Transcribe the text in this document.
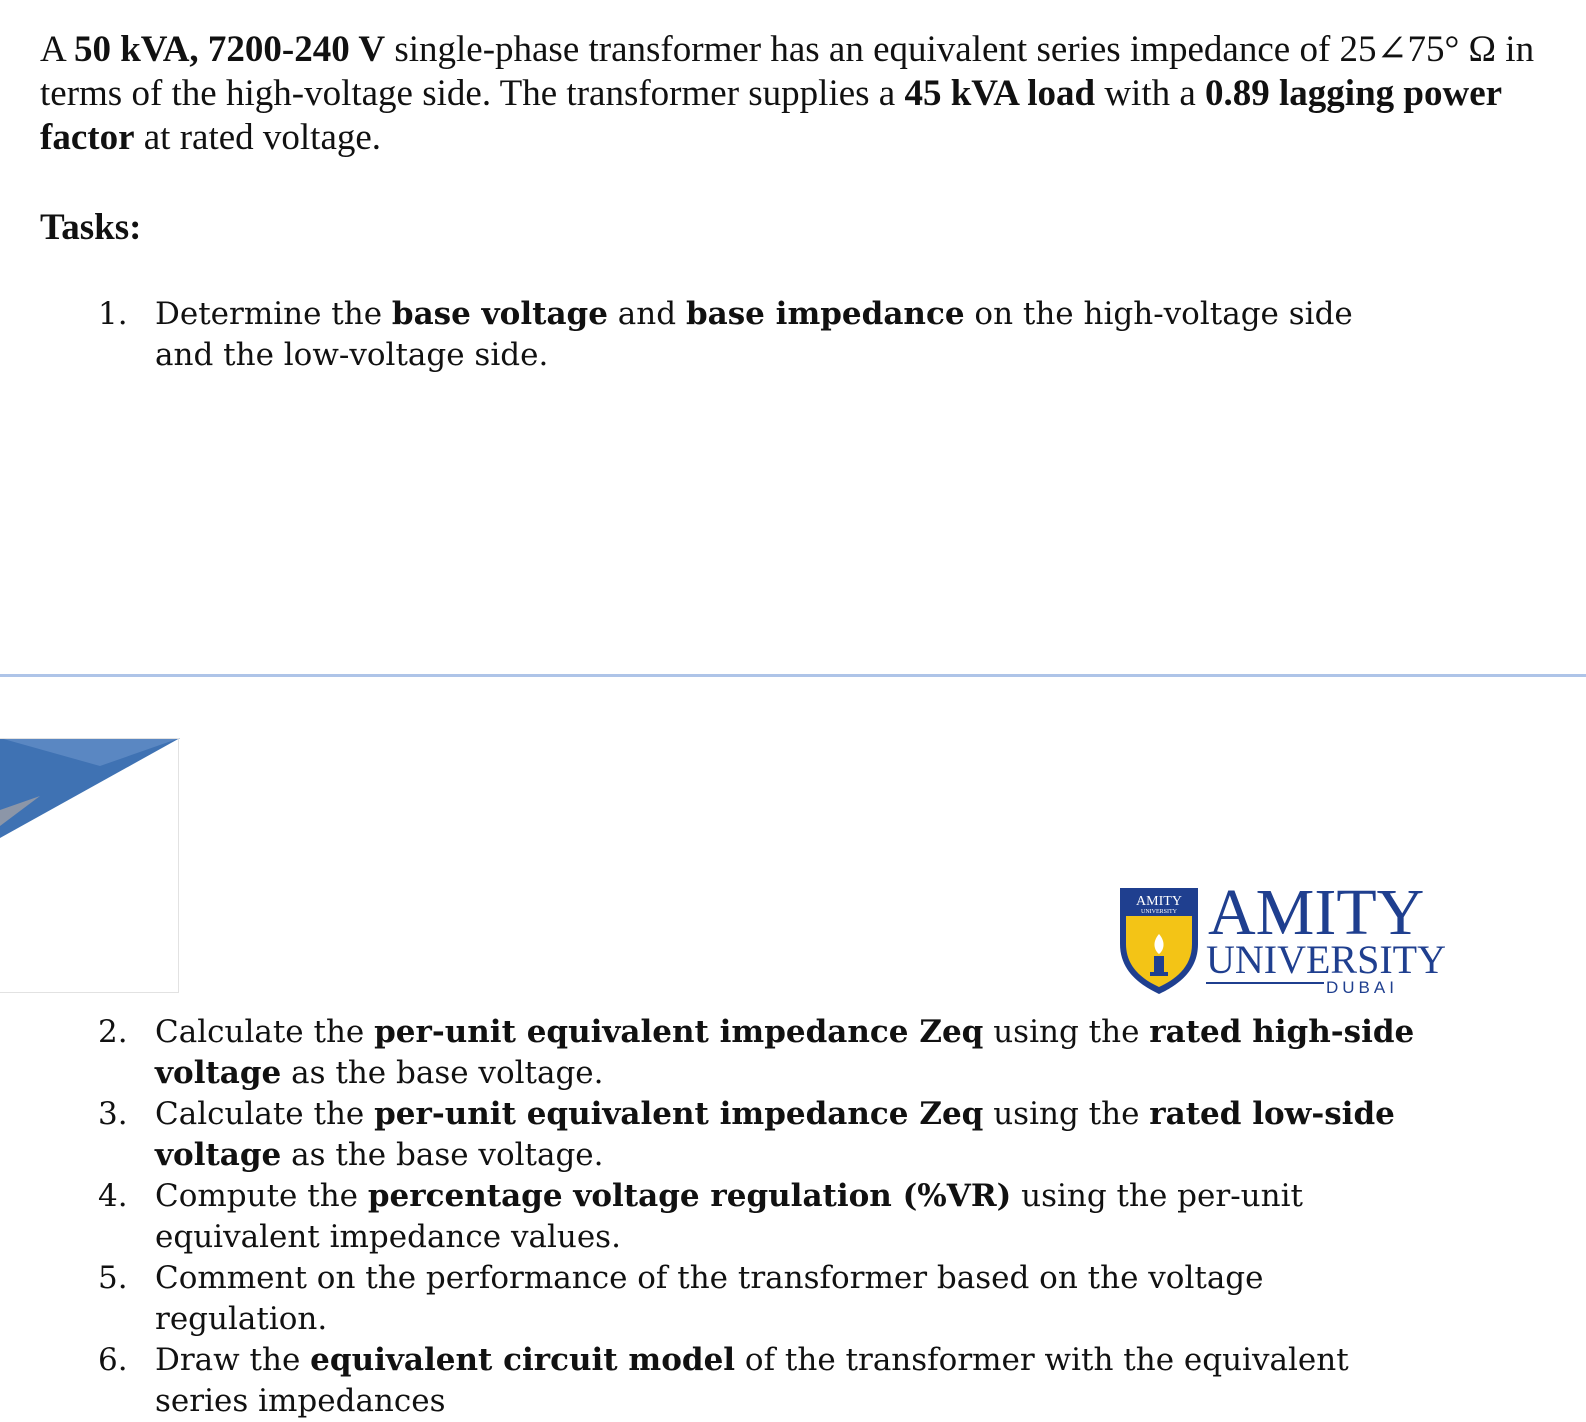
A 50 kVA, 7200-240 V single-phase transformer has an equivalent series impedance of 25∠75° Ω in terms of the high-voltage side. The transformer supplies a 45 kVA load with a 0.89 lagging power factor at rated voltage.

Tasks:
1. Determine the base voltage and base impedance on the high-voltage side and the low-voltage side.
AMITY
UNIVERSITY AMITY

UNIVERSITY

DUBAI

2. Calculate the per-unit equivalent impedance Zeq using the rated high-side voltage as the base voltage.
3. Calculate the per-unit equivalent impedance Zeq using the rated low-side voltage as the base voltage.
4. Compute the percentage voltage regulation (%VR) using the per-unit equivalent impedance values.
5. Comment on the performance of the transformer based on the voltage regulation.
6. Draw the equivalent circuit model of the transformer with the equivalent series impedances
